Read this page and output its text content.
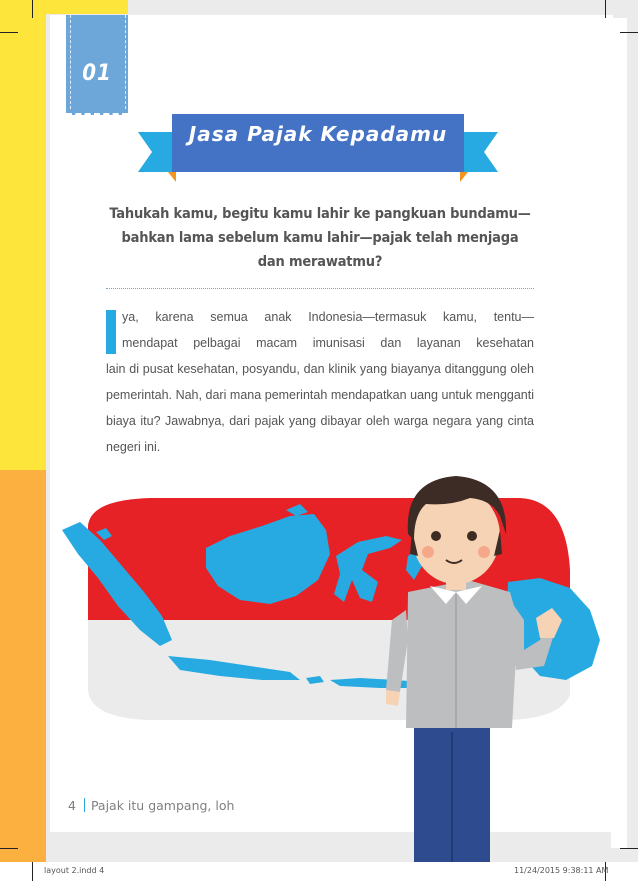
01
Jasa Pajak Kepadamu
Tahukah kamu, begitu kamu lahir ke pangkuan bundamu—
bahkan lama sebelum kamu lahir—pajak telah menjaga
dan merawatmu?
ya, karena semua anak Indonesia—termasuk kamu, tentu—
mendapat pelbagai macam imunisasi dan layanan kesehatan
lain di pusat kesehatan, posyandu, dan klinik yang biayanya ditanggung oleh pemerintah. Nah, dari mana pemerintah mendapatkan uang untuk mengganti biaya itu? Jawabnya, dari pajak yang dibayar oleh warga negara yang cinta negeri ini.
●
4 Pajak itu gampang, loh
layout 2.indd 4	11/24/2015 9:38:11 AM
